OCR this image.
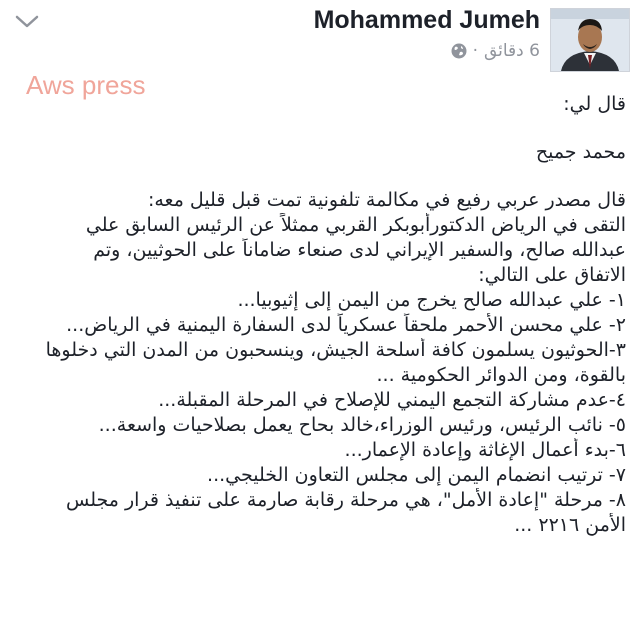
Mohammed Jumeh
6 دقائق
·
Aws press
قال لي:
محمد جميح
قال مصدر عربي رفيع في مكالمة تلفونية تمت قبل قليل معه:
التقى في الرياض الدكتورأبوبكر القربي ممثلاً عن الرئيس السابق علي
عبدالله صالح، والسفير الإيراني لدى صنعاء ضاماناً على الحوثيين، وتم
الاتفاق على التالي:
١- علي عبدالله صالح يخرج من اليمن إلى إثيوبيا...
٢- علي محسن الأحمر ملحقاً عسكرياً لدى السفارة اليمنية في الرياض...
٣-الحوثيون يسلمون كافة أسلحة الجيش، وينسحبون من المدن التي دخلوها
بالقوة، ومن الدوائر الحكومية ...
٤-عدم مشاركة التجمع اليمني للإصلاح في المرحلة المقبلة...
٥- نائب الرئيس، ورئيس الوزراء،خالد بحاح يعمل بصلاحيات واسعة...
٦-بدء أعمال الإغاثة وإعادة الإعمار...
٧- ترتيب انضمام اليمن إلى مجلس التعاون الخليجي...
٨- مرحلة "إعادة الأمل"، هي مرحلة رقابة صارمة على تنفيذ قرار مجلس
الأمن ٢٢١٦ ...
